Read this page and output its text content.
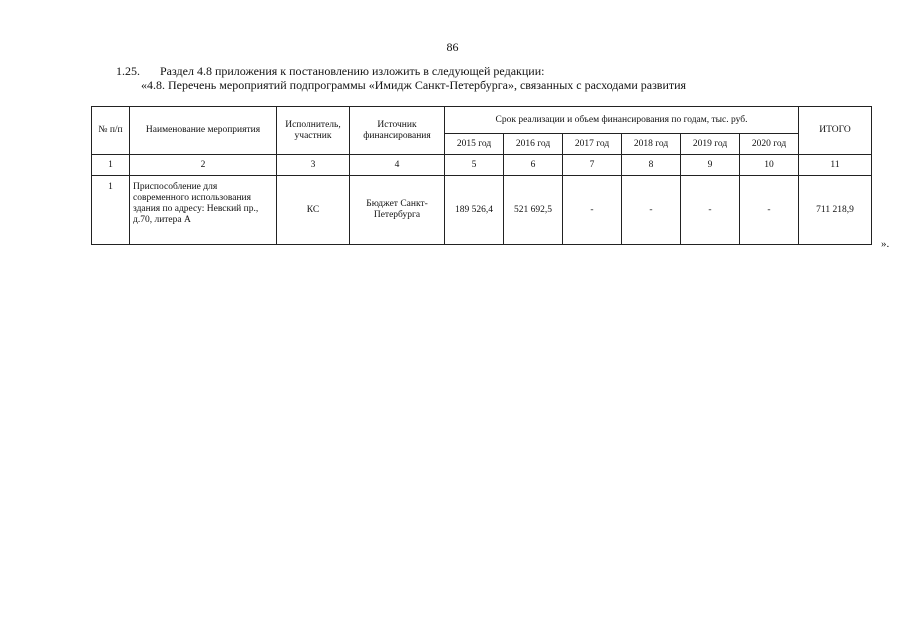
86
1.25. Раздел 4.8 приложения к постановлению изложить в следующей редакции:
«4.8. Перечень мероприятий подпрограммы «Имидж Санкт-Петербурга», связанных с расходами развития
№ п/п	Наименование мероприятия	Исполнитель, участник	Источник финансирования	Срок реализации и объем финансирования по годам, тыс. руб.						ИТОГО
				2015 год	2016 год	2017 год	2018 год	2019 год	2020 год	
1	2	3	4	5	6	7	8	9	10	11
1	Приспособление для современного использования здания по адресу: Невский пр., д.70, литера А	КС	Бюджет Санкт-Петербурга	189 526,4	521 692,5	-	-	-	-	711 218,9
».
